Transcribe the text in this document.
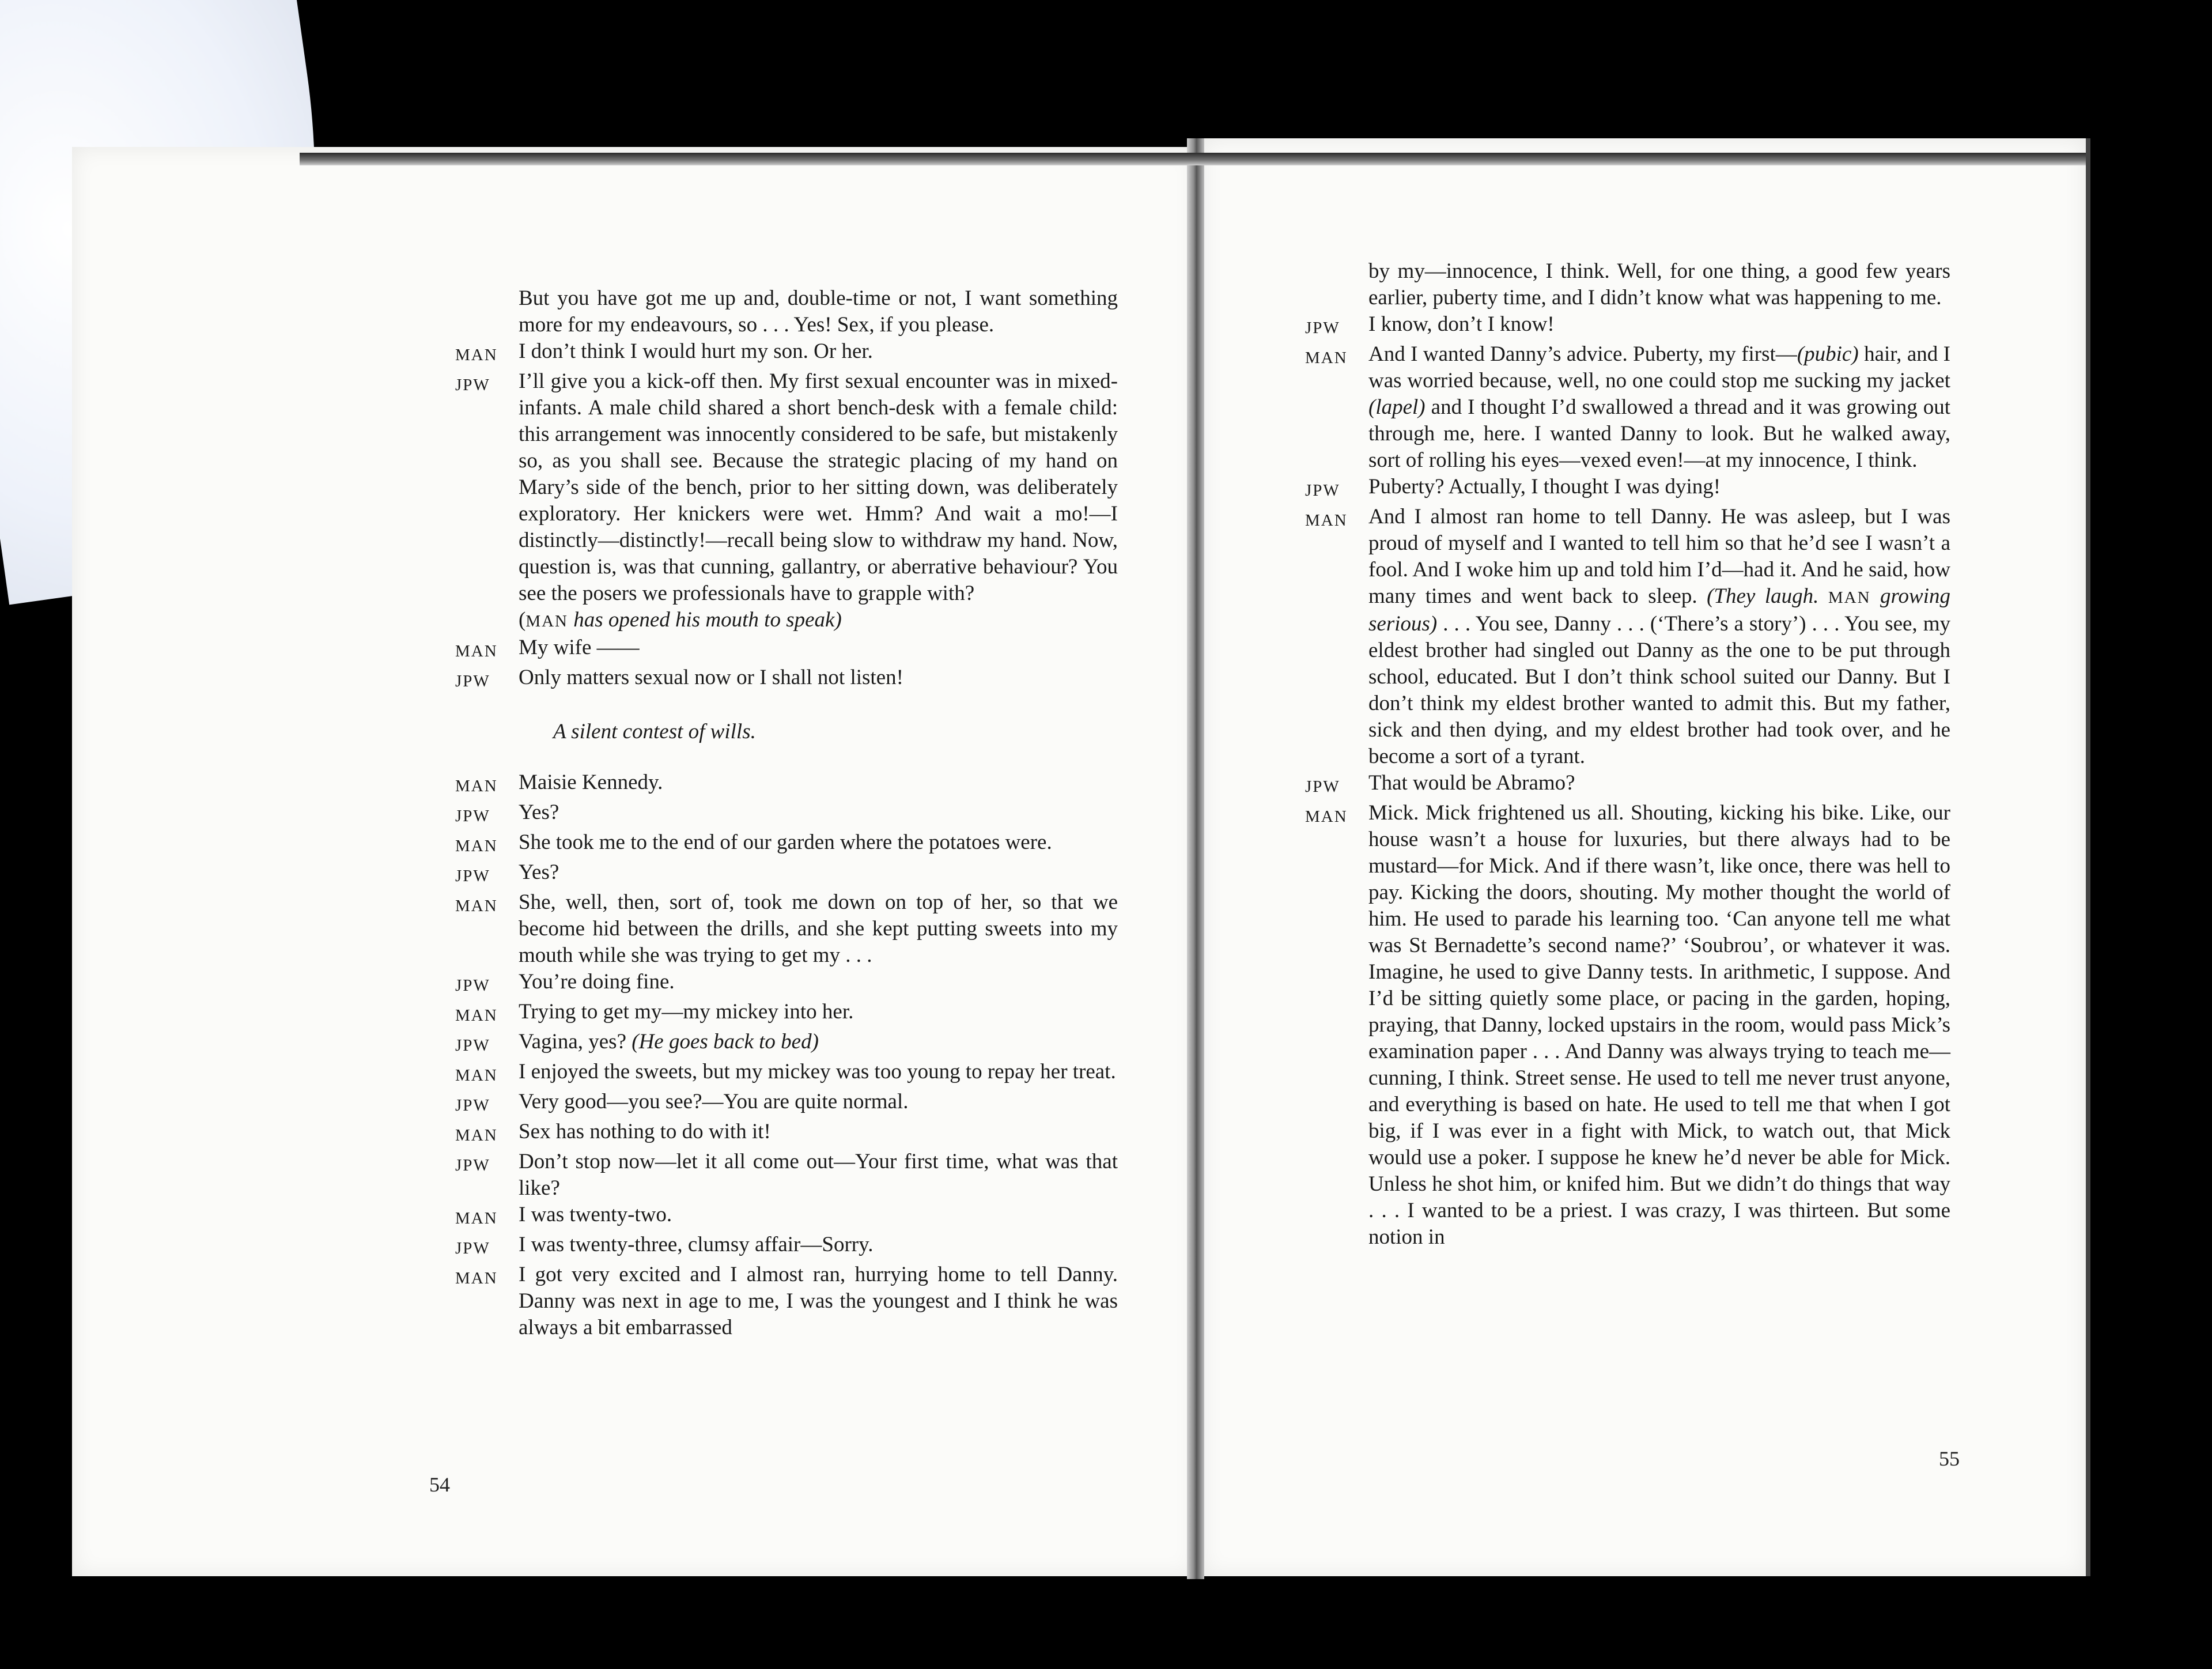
But you have got me up and, double-time or not, I want something more for my endeavours, so . . . Yes! Sex, if you please.

MAN I don’t think I would hurt my son. Or her.
JPW	I’ll give you a kick-off then. My first sexual encounter was in mixed-infants. A male child shared a short bench-desk with a female child: this arrangement was innocently considered to be safe, but mistakenly so, as you shall see. Because the strategic placing of my hand on Mary’s side of the bench, prior to her sitting down, was deliberately exploratory. Her knickers were wet. Hmm? And wait a mo!—I distinctly—distinctly!—recall being slow to withdraw my hand. Now, question is, was that cunning, gallantry, or aberrative behaviour? You see the posers we professionals have to grapple with?
(MAN has opened his mouth to speak)
MAN My wife ——
JPW	Only matters sexual now or I shall not listen!

A silent contest of wills.

MAN Maisie Kennedy.
JPW	Yes?
MAN She took me to the end of our garden where the potatoes were.
JPW	Yes?
MAN She, well, then, sort of, took me down on top of her, so that we become hid between the drills, and she kept putting sweets into my mouth while she was trying to get my . . .
JPW	You’re doing fine.
MAN Trying to get my—my mickey into her.
JPW	Vagina, yes? (He goes back to bed)
MAN I enjoyed the sweets, but my mickey was too young to repay her treat.
JPW	Very good—you see?—You are quite normal.
MAN Sex has nothing to do with it!
JPW	Don’t stop now—let it all come out—Your first time, what was that like?
MAN I was twenty-two.
JPW	I was twenty-three, clumsy affair—Sorry.
MAN I got very excited and I almost ran, hurrying home to tell Danny. Danny was next in age to me, I was the youngest and I think he was always a bit embarrassed
54

by my—innocence, I think. Well, for one thing, a good few years earlier, puberty time, and I didn’t know what was happening to me.

JPW	I know, don’t I know!
MAN And I wanted Danny’s advice. Puberty, my first—(pubic) hair, and I was worried because, well, no one could stop me sucking my jacket (lapel) and I thought I’d swallowed a thread and it was growing out through me, here. I wanted Danny to look. But he walked away, sort of rolling his eyes—vexed even!—at my innocence, I think.
JPW	Puberty? Actually, I thought I was dying!
MAN And I almost ran home to tell Danny. He was asleep, but I was proud of myself and I wanted to tell him so that he’d see I wasn’t a fool. And I woke him up and told him I’d—had it. And he said, how many times and went back to sleep. (They laugh. MAN growing serious) . . . You see, Danny . . . (‘There’s a story’) . . . You see, my eldest brother had singled out Danny as the one to be put through school, educated. But I don’t think school suited our Danny. But I don’t think my eldest brother wanted to admit this. But my father, sick and then dying, and my eldest brother had took over, and he become a sort of a tyrant.
JPW	That would be Abramo?
MAN Mick. Mick frightened us all. Shouting, kicking his bike. Like, our house wasn’t a house for luxuries, but there always had to be mustard—for Mick. And if there wasn’t, like once, there was hell to pay. Kicking the doors, shouting. My mother thought the world of him. He used to parade his learning too. ‘Can anyone tell me what was St Bernadette’s second name?’ ‘Soubrou’, or whatever it was. Imagine, he used to give Danny tests. In arithmetic, I suppose. And I’d be sitting quietly some place, or pacing in the garden, hoping, praying, that Danny, locked upstairs in the room, would pass Mick’s examination paper . . . And Danny was always trying to teach me—cunning, I think. Street sense. He used to tell me never trust anyone, and everything is based on hate. He used to tell me that when I got big, if I was ever in a fight with Mick, to watch out, that Mick would use a poker. I suppose he knew he’d never be able for Mick. Unless he shot him, or knifed him. But we didn’t do things that way . . . I wanted to be a priest. I was crazy, I was thirteen. But some notion in
55
